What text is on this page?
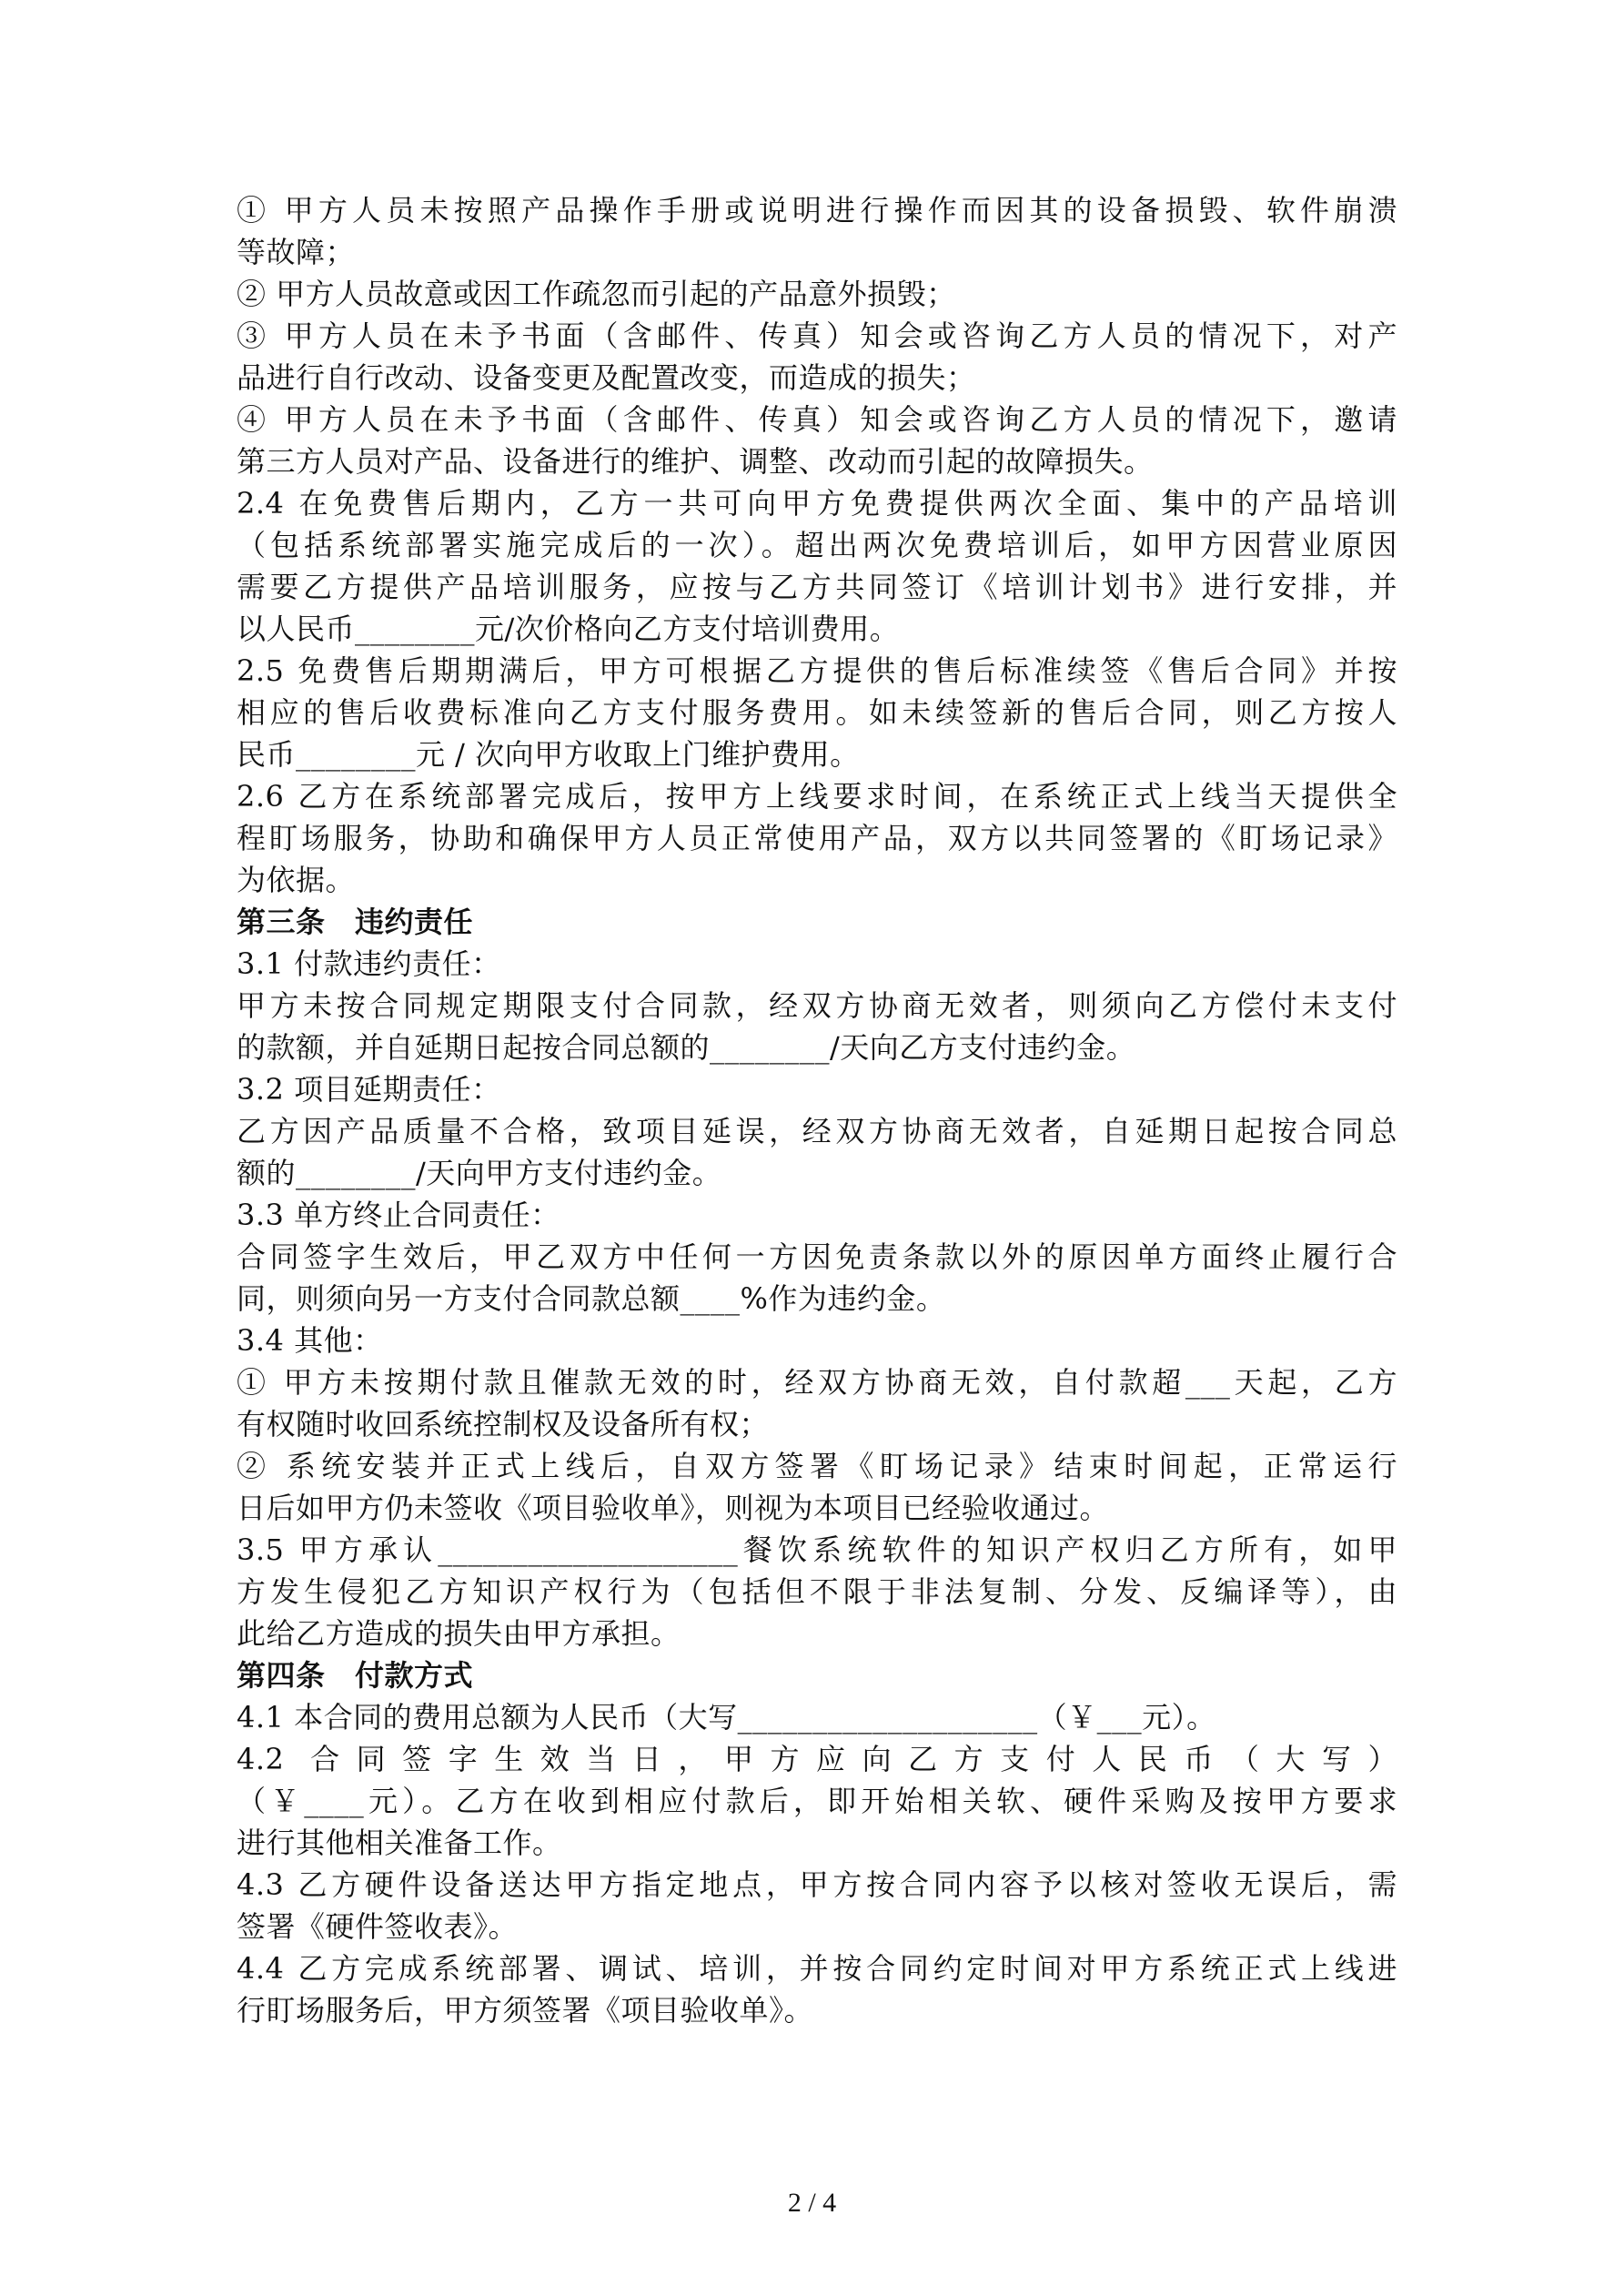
① 甲方人员未按照产品操作手册或说明进行操作而因其的设备损毁、软件崩溃
等故障；
② 甲方人员故意或因工作疏忽而引起的产品意外损毁；
③ 甲方人员在未予书面（含邮件、传真）知会或咨询乙方人员的情况下，对产
品进行自行改动、设备变更及配置改变，而造成的损失；
④ 甲方人员在未予书面（含邮件、传真）知会或咨询乙方人员的情况下，邀请
第三方人员对产品、设备进行的维护、调整、改动而引起的故障损失。
2.4 在免费售后期内，乙方一共可向甲方免费提供两次全面、集中的产品培训
（包括系统部署实施完成后的一次）。超出两次免费培训后，如甲方因营业原因
需要乙方提供产品培训服务，应按与乙方共同签订《培训计划书》进行安排，并
以人民币________元/次价格向乙方支付培训费用。
2.5 免费售后期期满后，甲方可根据乙方提供的售后标准续签《售后合同》并按
相应的售后收费标准向乙方支付服务费用。如未续签新的售后合同，则乙方按人
民币________元 / 次向甲方收取上门维护费用。
2.6 乙方在系统部署完成后，按甲方上线要求时间，在系统正式上线当天提供全
程盯场服务，协助和确保甲方人员正常使用产品，双方以共同签署的《盯场记录》
为依据。
第三条　违约责任
3.1 付款违约责任：
甲方未按合同规定期限支付合同款，经双方协商无效者，则须向乙方偿付未支付
的款额，并自延期日起按合同总额的________/天向乙方支付违约金。
3.2 项目延期责任：
乙方因产品质量不合格，致项目延误，经双方协商无效者，自延期日起按合同总
额的________/天向甲方支付违约金。
3.3 单方终止合同责任：
合同签字生效后，甲乙双方中任何一方因免责条款以外的原因单方面终止履行合
同，则须向另一方支付合同款总额____%作为违约金。
3.4 其他：
① 甲方未按期付款且催款无效的时，经双方协商无效，自付款超___天起，乙方
有权随时收回系统控制权及设备所有权；
② 系统安装并正式上线后，自双方签署《盯场记录》结束时间起，正常运行
日后如甲方仍未签收《项目验收单》，则视为本项目已经验收通过。
3.5 甲方承认____________________餐饮系统软件的知识产权归乙方所有，如甲
方发生侵犯乙方知识产权行为（包括但不限于非法复制、分发、反编译等），由
此给乙方造成的损失由甲方承担。
第四条　付款方式
4.1 本合同的费用总额为人民币（大写____________________（￥___元）。
4.2 合同签字生效当日，甲方应向乙方支付人民币（大写）
（￥____元）。乙方在收到相应付款后，即开始相关软、硬件采购及按甲方要求
进行其他相关准备工作。
4.3 乙方硬件设备送达甲方指定地点，甲方按合同内容予以核对签收无误后，需
签署《硬件签收表》。
4.4 乙方完成系统部署、调试、培训，并按合同约定时间对甲方系统正式上线进
行盯场服务后，甲方须签署《项目验收单》。
2 / 4
